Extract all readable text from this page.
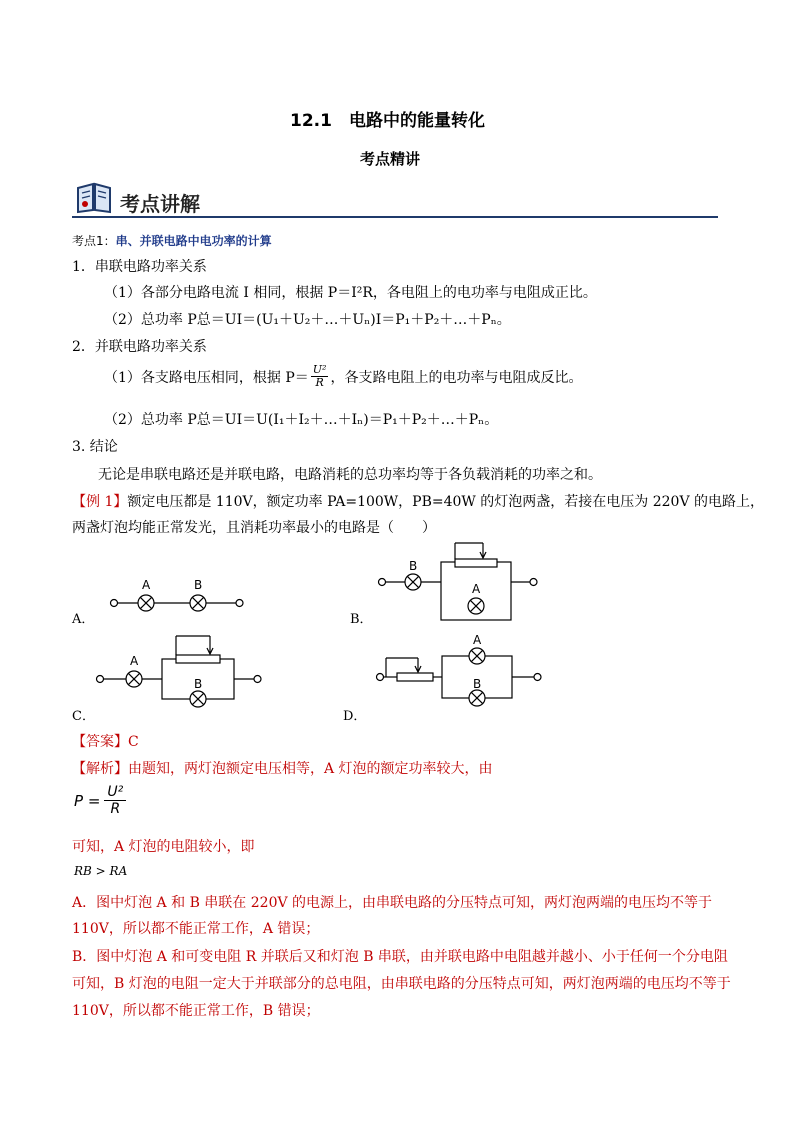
12.1　电路中的能量转化
考点精讲
考点讲解
考点1：串、并联电路中电功率的计算
1．串联电路功率关系
（1）各部分电路电流 I 相同，根据 P＝I²R，各电阻上的电功率与电阻成正比。
（2）总功率 P总＝UI＝(U₁＋U₂＋…＋Uₙ)I＝P₁＋P₂＋…＋Pₙ。
2．并联电路功率关系
（1）各支路电压相同，根据 $P= \frac{\text{U²}}{R}$ ，各支路电阻上的电功率与电阻成反比。
（2）总功率 P总＝UI＝U(I₁＋I₂＋…＋Iₙ)＝P₁＋P₂＋…＋Pₙ。
3. 结论
无论是串联电路还是并联电路，电路消耗的总功率均等于各负载消耗的功率之和。
【例 1】额定电压都是 110V，额定功率 PA=100W，PB=40W 的灯泡两盏，若接在电压为 220V 的电路上，
两盏灯泡均能正常发光，且消耗功率最小的电路是（　　）
A	B
B
A
A
B
A
B
A．	B．
C．	D．
【答案】C
【解析】由题知，两灯泡额定电压相等，A 灯泡的额定功率较大，由
$P = \frac{\text{U²}}{R}$
可知，A 灯泡的电阻较小，即
RB > RA
A．图中灯泡 A 和 B 串联在 220V 的电源上，由串联电路的分压特点可知，两灯泡两端的电压均不等于
110V，所以都不能正常工作，A 错误；
B．图中灯泡 A 和可变电阻 R 并联后又和灯泡 B 串联，由并联电路中电阻越并越小、小于任何一个分电阻
可知，B 灯泡的电阻一定大于并联部分的总电阻，由串联电路的分压特点可知，两灯泡两端的电压均不等于
110V，所以都不能正常工作，B 错误；
